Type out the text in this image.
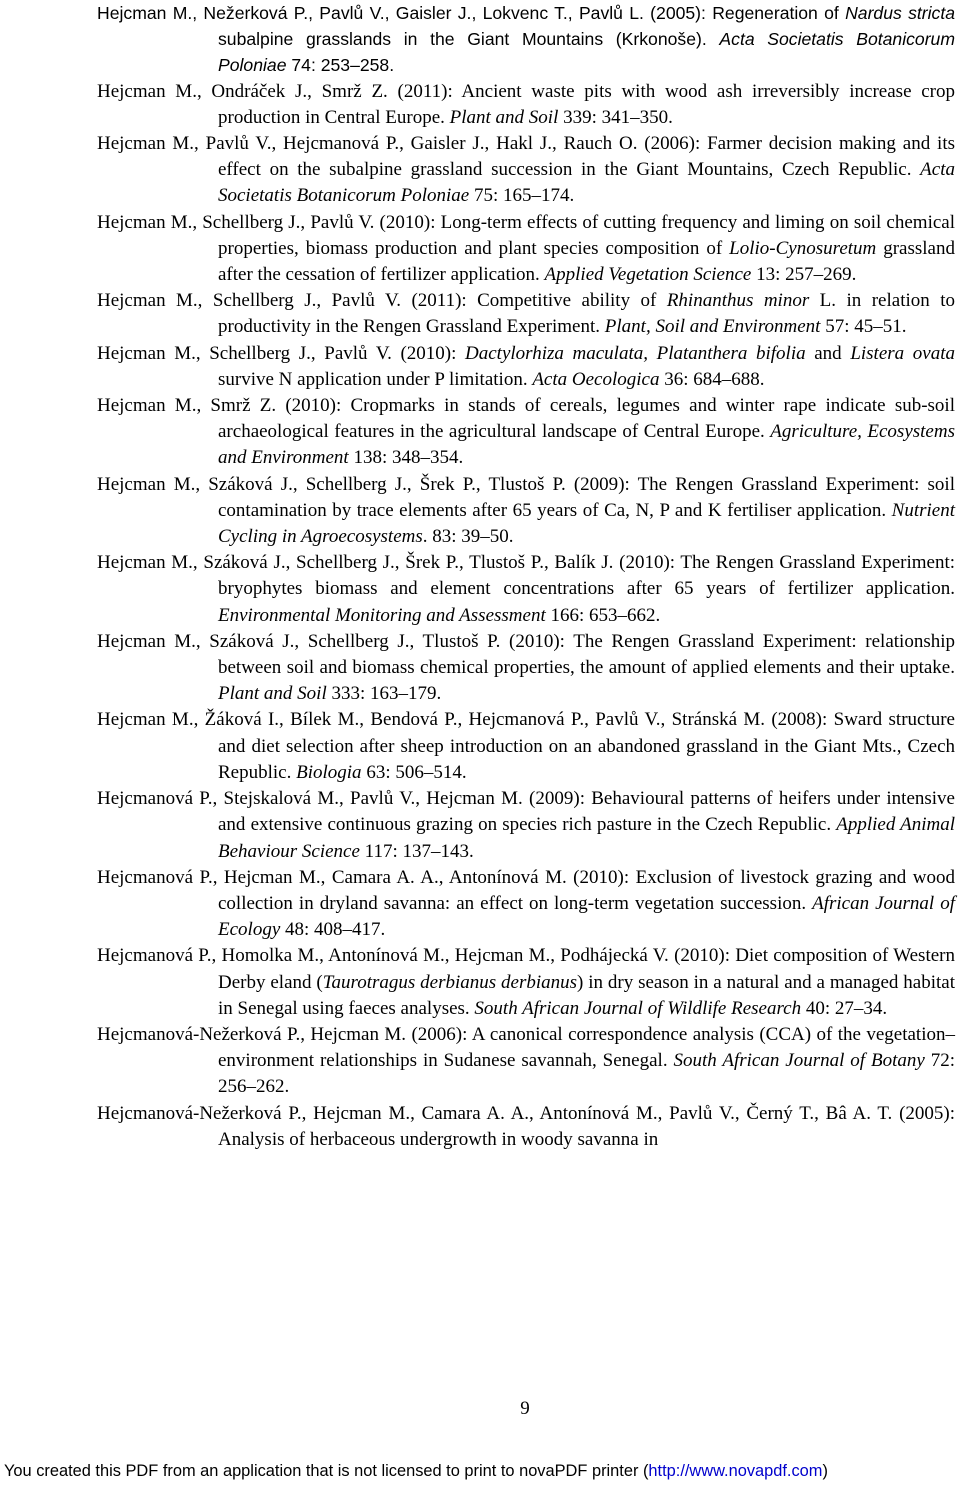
Hejcman M., Nežerková P., Pavlů V., Gaisler J., Lokvenc T., Pavlů L. (2005): Regeneration of Nardus stricta subalpine grasslands in the Giant Mountains (Krkonoše). Acta Societatis Botanicorum Poloniae 74: 253–258.
Hejcman M., Ondráček J., Smrž Z. (2011): Ancient waste pits with wood ash irreversibly increase crop production in Central Europe. Plant and Soil 339: 341–350.
Hejcman M., Pavlů V., Hejcmanová P., Gaisler J., Hakl J., Rauch O. (2006): Farmer decision making and its effect on the subalpine grassland succession in the Giant Mountains, Czech Republic. Acta Societatis Botanicorum Poloniae 75: 165–174.
Hejcman M., Schellberg J., Pavlů V. (2010): Long-term effects of cutting frequency and liming on soil chemical properties, biomass production and plant species composition of Lolio-Cynosuretum grassland after the cessation of fertilizer application. Applied Vegetation Science 13: 257–269.
Hejcman M., Schellberg J., Pavlů V. (2011): Competitive ability of Rhinanthus minor L. in relation to productivity in the Rengen Grassland Experiment. Plant, Soil and Environment 57: 45–51.
Hejcman M., Schellberg J., Pavlů V. (2010): Dactylorhiza maculata, Platanthera bifolia and Listera ovata survive N application under P limitation. Acta Oecologica 36: 684–688.
Hejcman M., Smrž Z. (2010): Cropmarks in stands of cereals, legumes and winter rape indicate sub-soil archaeological features in the agricultural landscape of Central Europe. Agriculture, Ecosystems and Environment 138: 348–354.
Hejcman M., Száková J., Schellberg J., Šrek P., Tlustoš P. (2009): The Rengen Grassland Experiment: soil contamination by trace elements after 65 years of Ca, N, P and K fertiliser application. Nutrient Cycling in Agroecosystems. 83: 39–50.
Hejcman M., Száková J., Schellberg J., Šrek P., Tlustoš P., Balík J. (2010): The Rengen Grassland Experiment: bryophytes biomass and element concentrations after 65 years of fertilizer application. Environmental Monitoring and Assessment 166: 653–662.
Hejcman M., Száková J., Schellberg J., Tlustoš P. (2010): The Rengen Grassland Experiment: relationship between soil and biomass chemical properties, the amount of applied elements and their uptake. Plant and Soil 333: 163–179.
Hejcman M., Žáková I., Bílek M., Bendová P., Hejcmanová P., Pavlů V., Stránská M. (2008): Sward structure and diet selection after sheep introduction on an abandoned grassland in the Giant Mts., Czech Republic. Biologia 63: 506–514.
Hejcmanová P., Stejskalová M., Pavlů V., Hejcman M. (2009): Behavioural patterns of heifers under intensive and extensive continuous grazing on species rich pasture in the Czech Republic. Applied Animal Behaviour Science 117: 137–143.
Hejcmanová P., Hejcman M., Camara A. A., Antonínová M. (2010): Exclusion of livestock grazing and wood collection in dryland savanna: an effect on long-term vegetation succession. African Journal of Ecology 48: 408–417.
Hejcmanová P., Homolka M., Antonínová M., Hejcman M., Podhájecká V. (2010): Diet composition of Western Derby eland (Taurotragus derbianus derbianus) in dry season in a natural and a managed habitat in Senegal using faeces analyses. South African Journal of Wildlife Research 40: 27–34.
Hejcmanová-Nežerková P., Hejcman M. (2006): A canonical correspondence analysis (CCA) of the vegetation–environment relationships in Sudanese savannah, Senegal. South African Journal of Botany 72: 256–262.
Hejcmanová-Nežerková P., Hejcman M., Camara A. A., Antonínová M., Pavlů V., Černý T., Bâ A. T. (2005): Analysis of herbaceous undergrowth in woody savanna in
9
You created this PDF from an application that is not licensed to print to novaPDF printer (http://www.novapdf.com)
